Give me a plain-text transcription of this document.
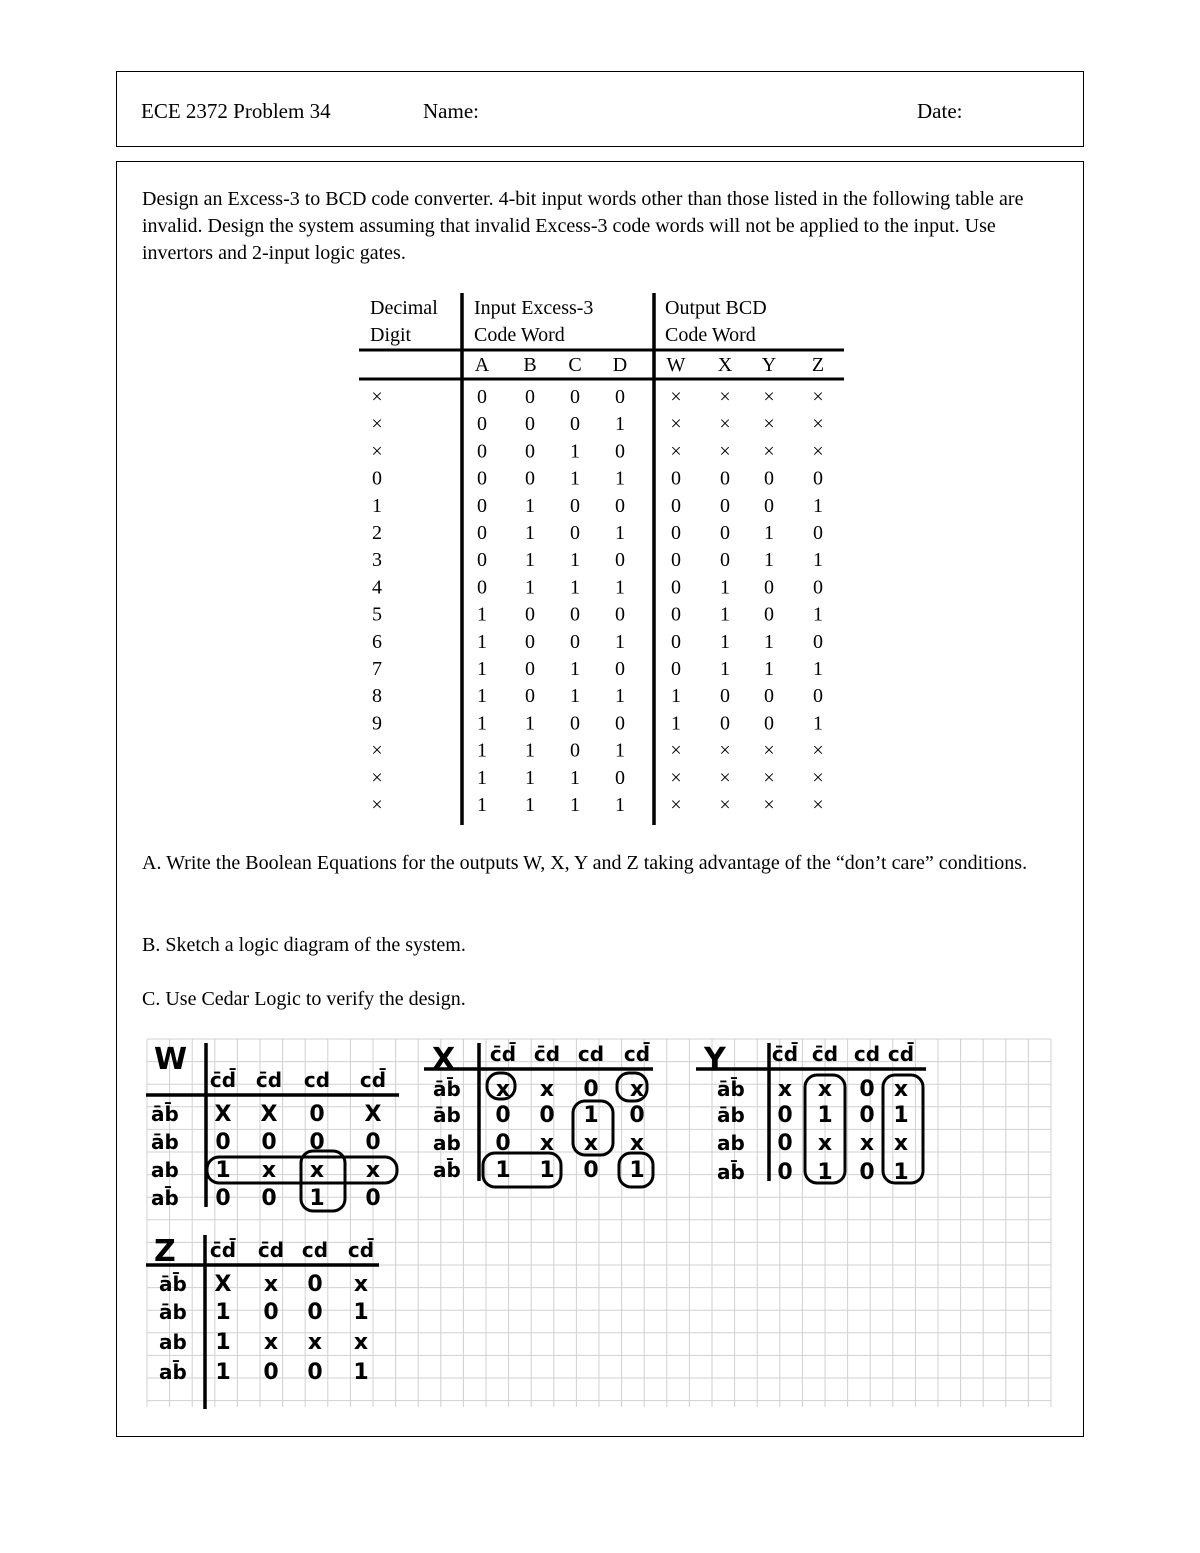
ECE 2372 Problem 34	Name:	Date:

Design an Excess-3 to BCD code converter. 4-bit input words other than those listed in the following table are invalid. Design the system assuming that invalid Excess-3 code words will not be applied to the input. Use invertors and 2-input logic gates.

Decimal
Digit
Input Excess-3
Code Word
Output BCD
Code Word
A B C D W X Y Z
×	0 0 0 0 × × × ×
×	0 0 0 1 × × × ×
×	0 0 1 0 × × × ×
0	0 0 1 1 0 0 0 0
1	0 1 0 0 0 0 0 1
2	0 1 0 1 0 0 1 0
3	0 1 1 0 0 0 1 1
4	0 1 1 1 0 1 0 0
5	1 0 0 0 0 1 0 1
6	1 0 0 1 0 1 1 0
7	1 0 1 0 0 1 1 1
8	1 0 1 1 1 0 0 0
9	1 1 0 0 1 0 0 1
×	1 1 0 1 × × × ×
×	1 1 1 0 × × × ×
×	1 1 1 1 × × × ×

A. Write the Boolean Equations for the outputs W, X, Y and Z taking advantage of the “don’t care” conditions.

B. Sketch a logic diagram of the system.

C. Use Cedar Logic to verify the design.

W
c̄d̄ c̄d cd cd̄
āb̄ X X 0 X
āb 0 0 0 0
ab 1 x x x
ab̄ 0 0 1 0
X c̄d̄ c̄d cd cd̄
āb̄ x x 0 x
āb 0 0 1 0
ab 0 x x x
ab̄ 1 1 0 1
Y c̄d̄ c̄d cd cd̄
āb̄ x x 0 x
āb 0 1 0 1
ab 0 x x x
ab̄ 0 1 0 1
Z c̄d̄ c̄d cd cd̄
āb̄ X x 0 x
āb 1 0 0 1
ab 1 x x x
ab̄ 1 0 0 1
